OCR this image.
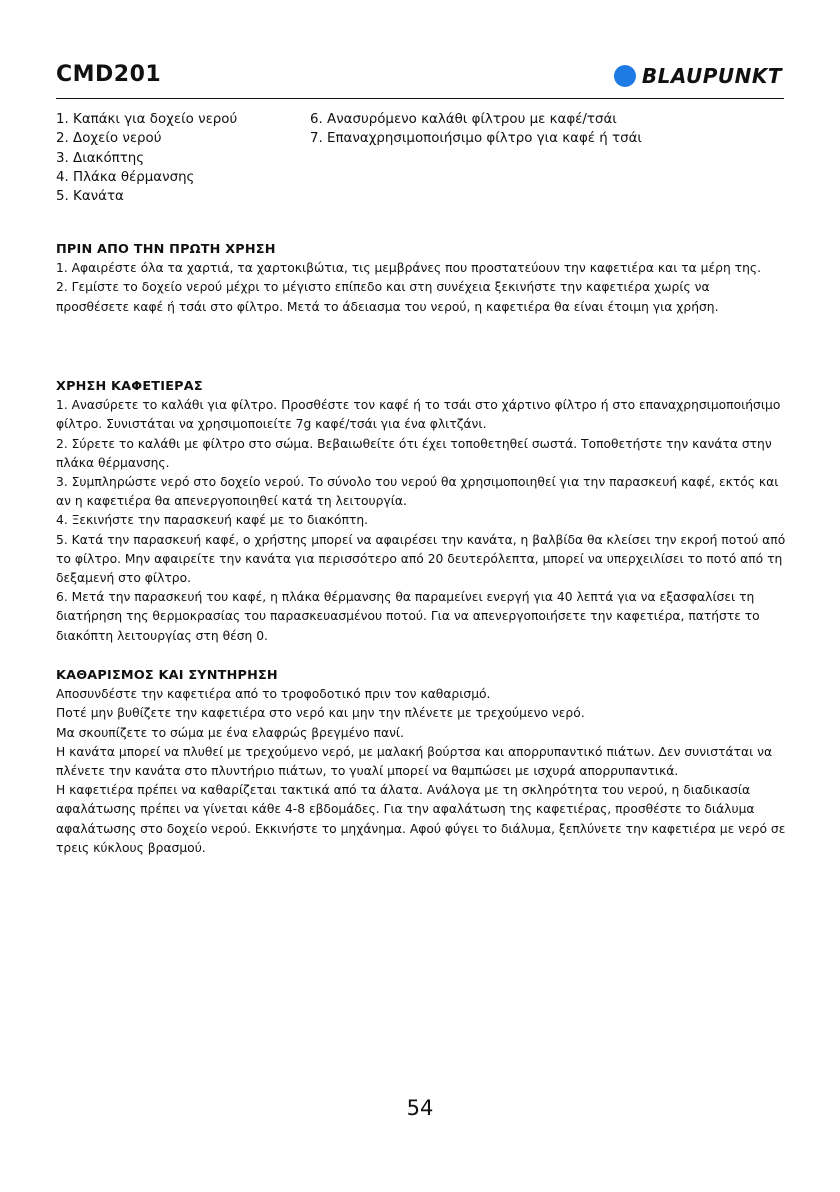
CMD201	BLAUPUNKT
1. Καπάκι για δοχείο νερού
2. Δοχείο νερού
3. Διακόπτης
4. Πλάκα θέρμανσης
5. Κανάτα
6. Ανασυρόμενο καλάθι φίλτρου με καφέ/τσάι
7. Επαναχρησιμοποιήσιμο φίλτρο για καφέ ή τσάι
ΠΡΙΝ ΑΠΟ ΤΗΝ ΠΡΩΤΗ ΧΡΗΣΗ

1. Αφαιρέστε όλα τα χαρτιά, τα χαρτοκιβώτια, τις μεμβράνες που προστατεύουν την καφετιέρα και τα μέρη της.

2. Γεμίστε το δοχείο νερού μέχρι το μέγιστο επίπεδο και στη συνέχεια ξεκινήστε την καφετιέρα χωρίς να προσθέσετε καφέ ή τσάι στο φίλτρο. Μετά το άδειασμα του νερού, η καφετιέρα θα είναι έτοιμη για χρήση.

ΧΡΗΣΗ ΚΑΦΕΤΙΕΡΑΣ

1. Ανασύρετε το καλάθι για φίλτρο. Προσθέστε τον καφέ ή το τσάι στο χάρτινο φίλτρο ή στο επαναχρησιμοποιήσιμο φίλτρο. Συνιστάται να χρησιμοποιείτε 7g καφέ/τσάι για ένα φλιτζάνι.

2. Σύρετε το καλάθι με φίλτρο στο σώμα. Βεβαιωθείτε ότι έχει τοποθετηθεί σωστά. Τοποθετήστε την κανάτα στην πλάκα θέρμανσης.

3. Συμπληρώστε νερό στο δοχείο νερού. Το σύνολο του νερού θα χρησιμοποιηθεί για την παρασκευή καφέ, εκτός και αν η καφετιέρα θα απενεργοποιηθεί κατά τη λειτουργία.

4. Ξεκινήστε την παρασκευή καφέ με το διακόπτη.

5. Κατά την παρασκευή καφέ, ο χρήστης μπορεί να αφαιρέσει την κανάτα, η βαλβίδα θα κλείσει την εκροή ποτού από το φίλτρο. Μην αφαιρείτε την κανάτα για περισσότερο από 20 δευτερόλεπτα, μπορεί να υπερχειλίσει το ποτό από τη δεξαμενή στο φίλτρο.

6. Μετά την παρασκευή του καφέ, η πλάκα θέρμανσης θα παραμείνει ενεργή για 40 λεπτά για να εξασφαλίσει τη διατήρηση της θερμοκρασίας του παρασκευασμένου ποτού. Για να απενεργοποιήσετε την καφετιέρα, πατήστε το διακόπτη λειτουργίας στη θέση 0.

ΚΑΘΑΡΙΣΜΟΣ ΚΑΙ ΣΥΝΤΗΡΗΣΗ

Αποσυνδέστε την καφετιέρα από το τροφοδοτικό πριν τον καθαρισμό.

Ποτέ μην βυθίζετε την καφετιέρα στο νερό και μην την πλένετε με τρεχούμενο νερό.

Μα σκουπίζετε το σώμα με ένα ελαφρώς βρεγμένο πανί.

Η κανάτα μπορεί να πλυθεί με τρεχούμενο νερό, με μαλακή βούρτσα και απορρυπαντικό πιάτων. Δεν συνιστάται να πλένετε την κανάτα στο πλυντήριο πιάτων, το γυαλί μπορεί να θαμπώσει με ισχυρά απορρυπαντικά.

Η καφετιέρα πρέπει να καθαρίζεται τακτικά από τα άλατα. Ανάλογα με τη σκληρότητα του νερού, η διαδικασία αφαλάτωσης πρέπει να γίνεται κάθε 4-8 εβδομάδες. Για την αφαλάτωση της καφετιέρας, προσθέστε το διάλυμα αφαλάτωσης στο δοχείο νερού. Εκκινήστε το μηχάνημα. Αφού φύγει το διάλυμα, ξεπλύνετε την καφετιέρα με νερό σε τρεις κύκλους βρασμού.

54
